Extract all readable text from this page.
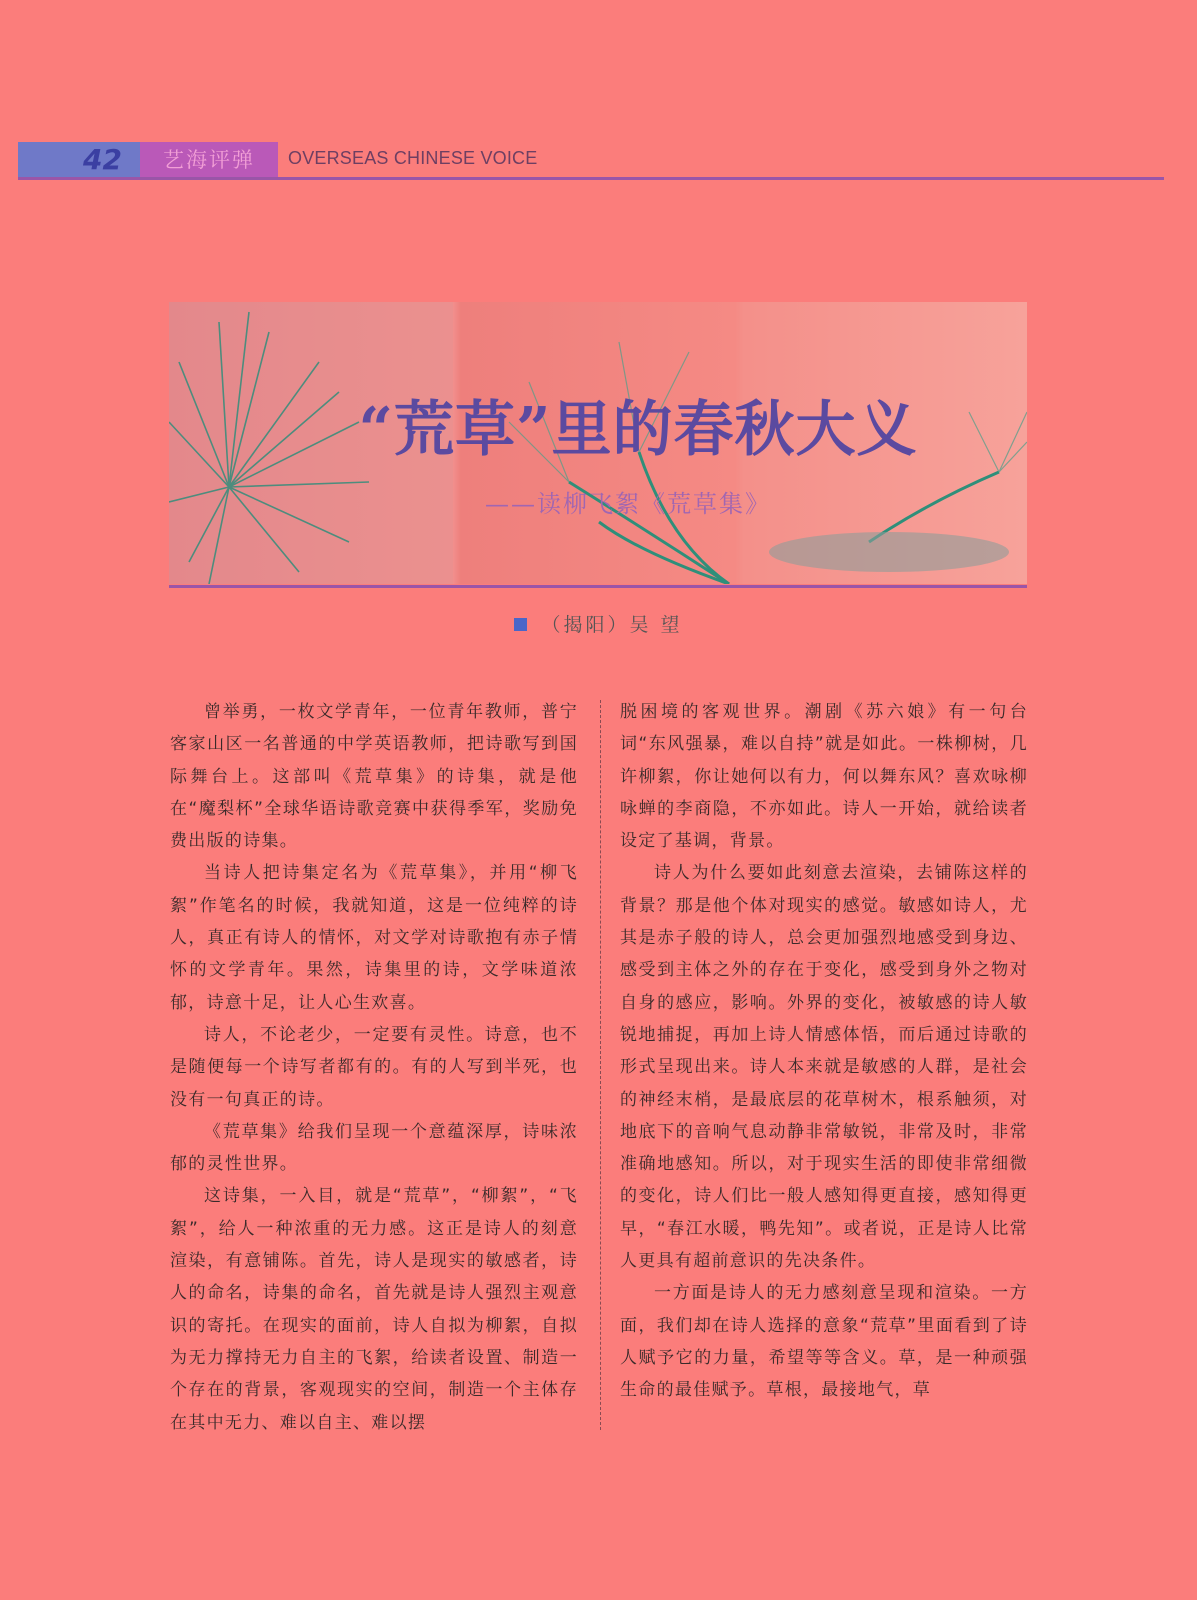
42	艺海评弹	OVERSEAS CHINESE VOICE
“荒草”里的春秋大义
——读柳飞絮《荒草集》
（揭阳）吴 望

曾举勇，一枚文学青年，一位青年教师，普宁客家山区一名普通的中学英语教师，把诗歌写到国际舞台上。这部叫《荒草集》的诗集，就是他在“魔梨杯”全球华语诗歌竞赛中获得季军，奖励免费出版的诗集。

当诗人把诗集定名为《荒草集》，并用“柳飞絮”作笔名的时候，我就知道，这是一位纯粹的诗人，真正有诗人的情怀，对文学对诗歌抱有赤子情怀的文学青年。果然，诗集里的诗，文学味道浓郁，诗意十足，让人心生欢喜。

诗人，不论老少，一定要有灵性。诗意，也不是随便每一个诗写者都有的。有的人写到半死，也没有一句真正的诗。

《荒草集》给我们呈现一个意蕴深厚，诗味浓郁的灵性世界。

这诗集，一入目，就是“荒草”，“柳絮”，“飞絮”，给人一种浓重的无力感。这正是诗人的刻意渲染，有意铺陈。首先，诗人是现实的敏感者，诗人的命名，诗集的命名，首先就是诗人强烈主观意识的寄托。在现实的面前，诗人自拟为柳絮，自拟为无力撑持无力自主的飞絮，给读者设置、制造一个存在的背景，客观现实的空间，制造一个主体存在其中无力、难以自主、难以摆

脱困境的客观世界。潮剧《苏六娘》有一句台词“东风强暴，难以自持”就是如此。一株柳树，几许柳絮，你让她何以有力，何以舞东风？喜欢咏柳咏蝉的李商隐，不亦如此。诗人一开始，就给读者设定了基调，背景。

诗人为什么要如此刻意去渲染，去铺陈这样的背景？那是他个体对现实的感觉。敏感如诗人，尤其是赤子般的诗人，总会更加强烈地感受到身边、感受到主体之外的存在于变化，感受到身外之物对自身的感应，影响。外界的变化，被敏感的诗人敏锐地捕捉，再加上诗人情感体悟，而后通过诗歌的形式呈现出来。诗人本来就是敏感的人群，是社会的神经末梢，是最底层的花草树木，根系触须，对地底下的音响气息动静非常敏锐，非常及时，非常准确地感知。所以，对于现实生活的即使非常细微的变化，诗人们比一般人感知得更直接，感知得更早，“春江水暖，鸭先知”。或者说，正是诗人比常人更具有超前意识的先决条件。

一方面是诗人的无力感刻意呈现和渲染。一方面，我们却在诗人选择的意象“荒草”里面看到了诗人赋予它的力量，希望等等含义。草，是一种顽强生命的最佳赋予。草根，最接地气，草
